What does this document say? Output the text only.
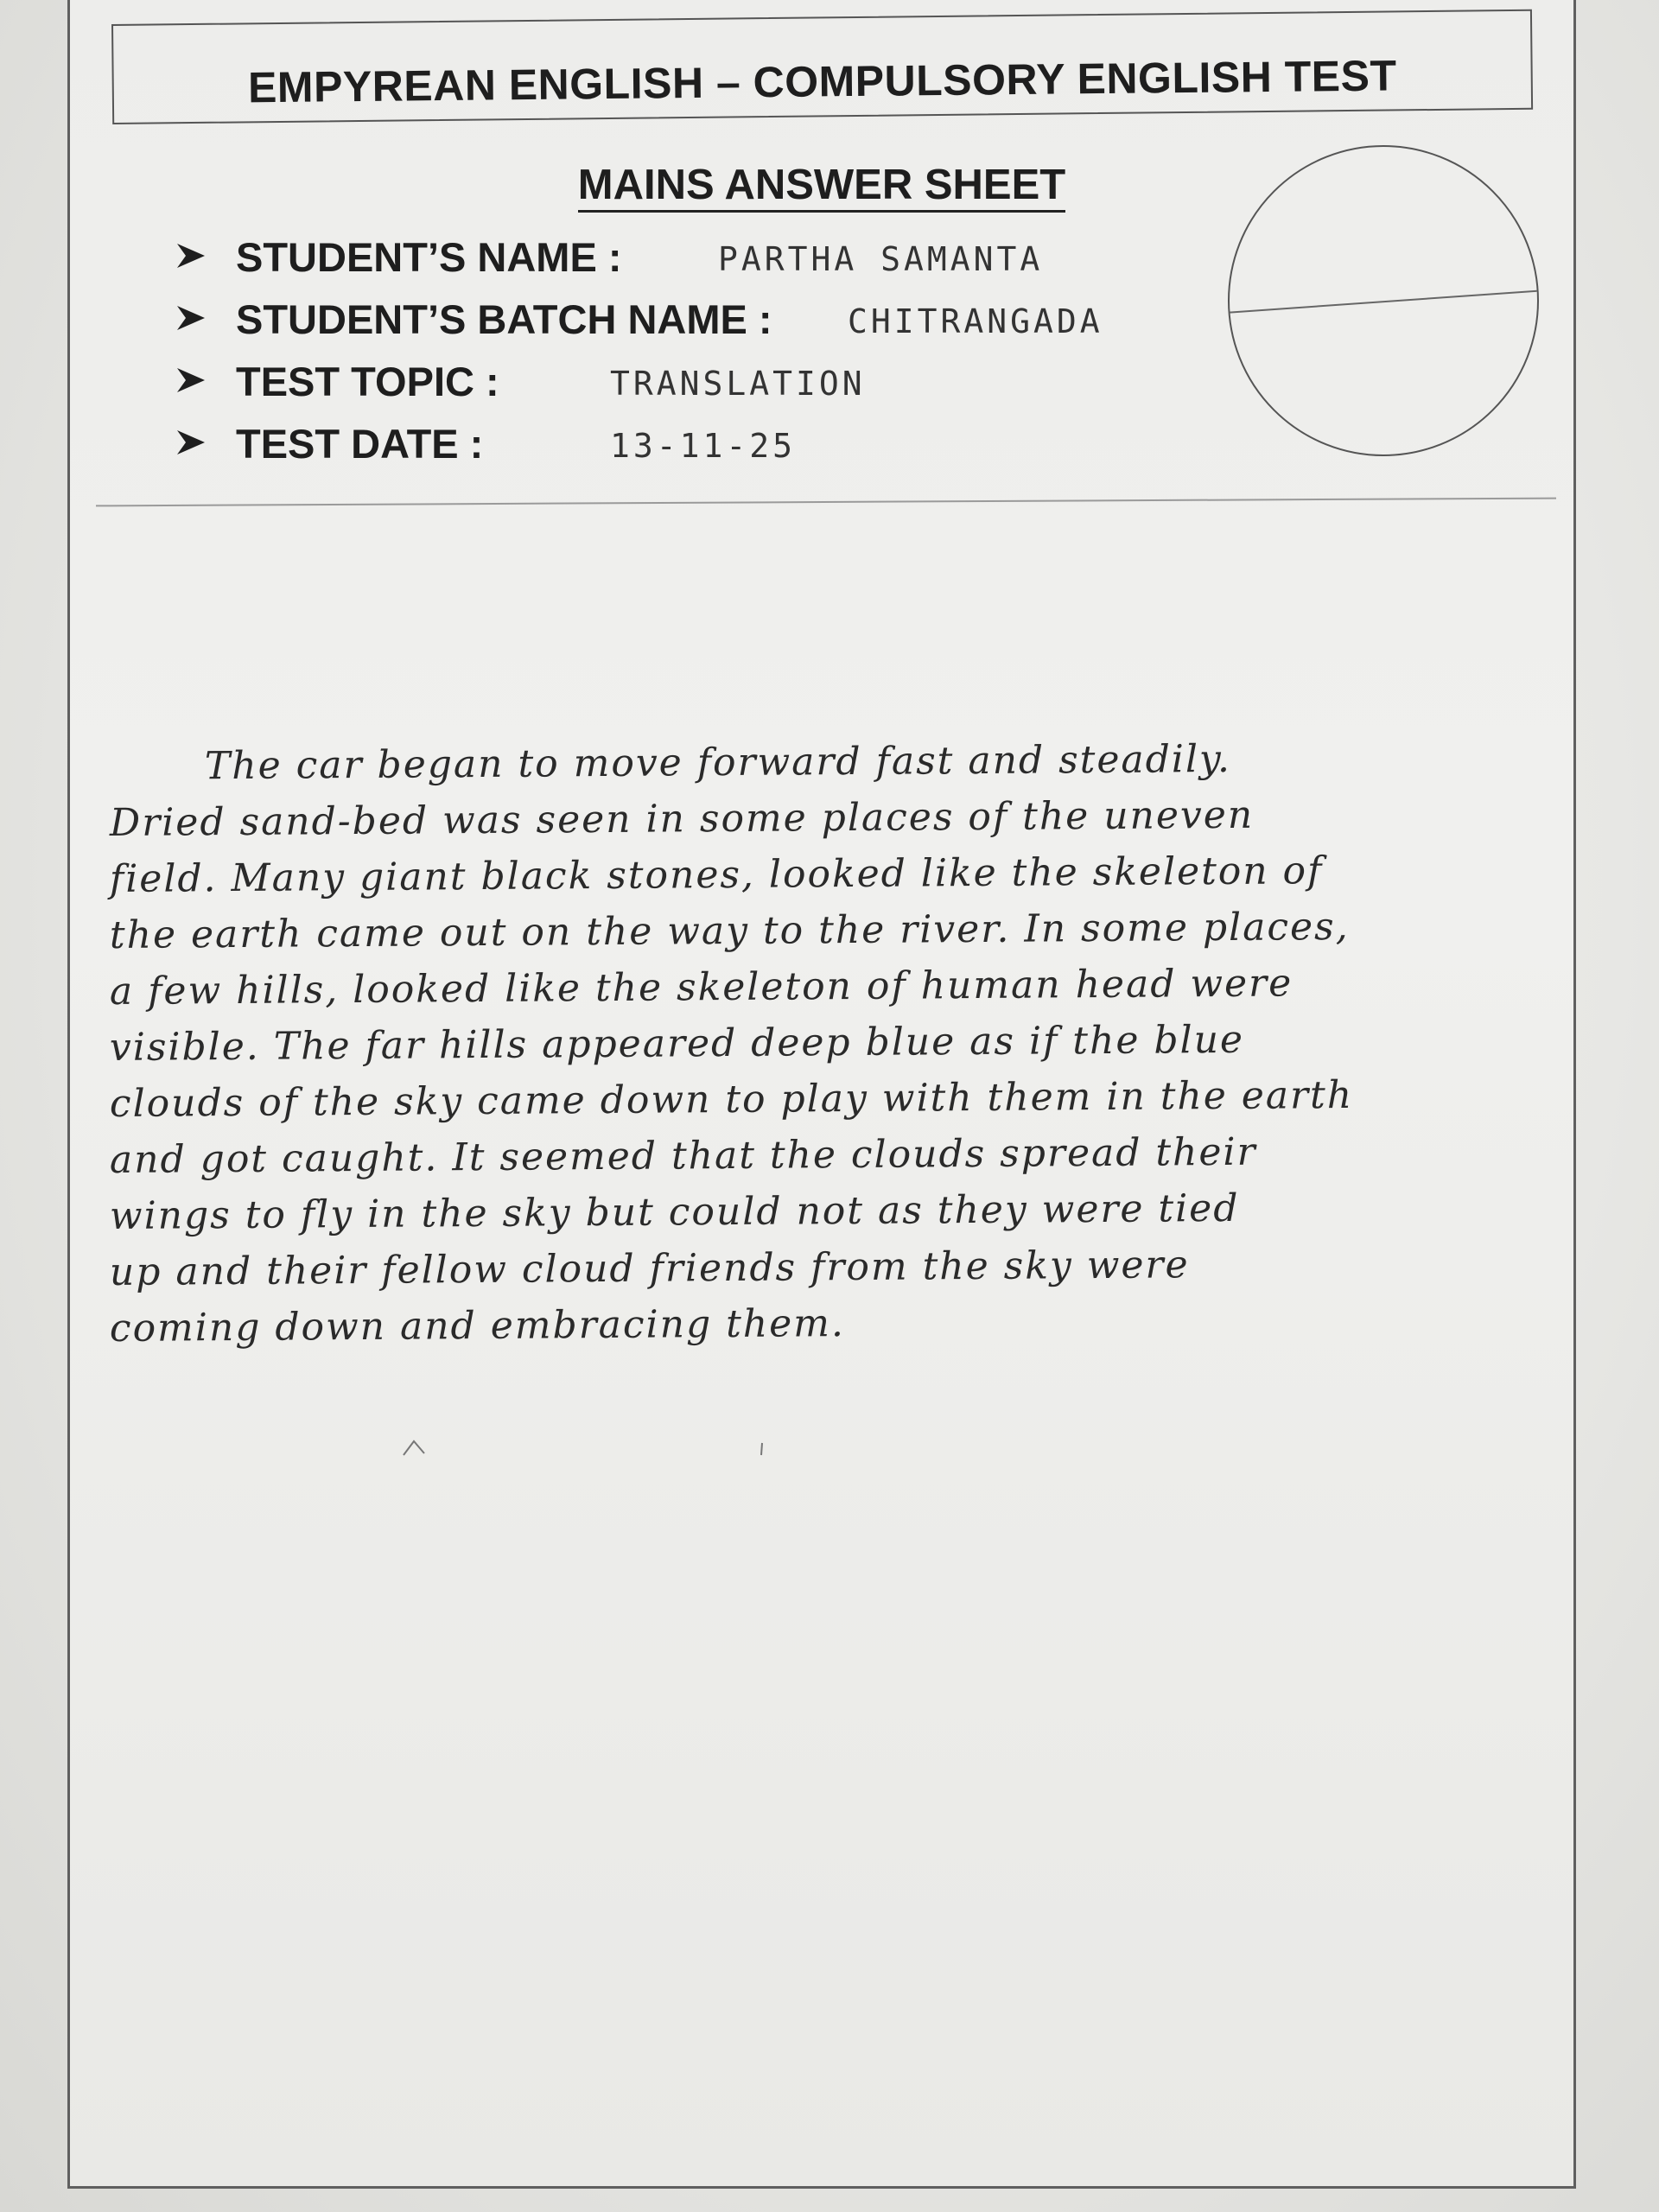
EMPYREAN ENGLISH – COMPULSORY ENGLISH TEST
MAINS ANSWER SHEET
STUDENT’S NAME :	PARTHA SAMANTA
STUDENT’S BATCH NAME : CHITRANGADA
TEST TOPIC :	TRANSLATION
TEST DATE :	13-11-25
The car began to move forward fast and steadily.
Dried sand-bed was seen in some places of the uneven
field. Many giant black stones, looked like the skeleton of
the earth came out on the way to the river. In some places,
a few hills, looked like the skeleton of human head were
visible. The far hills appeared deep blue as if the blue
clouds of the sky came down to play with them in the earth
and got caught. It seemed that the clouds spread their
wings to fly in the sky but could not as they were tied
up and their fellow cloud friends from the sky were
coming down and embracing them.
